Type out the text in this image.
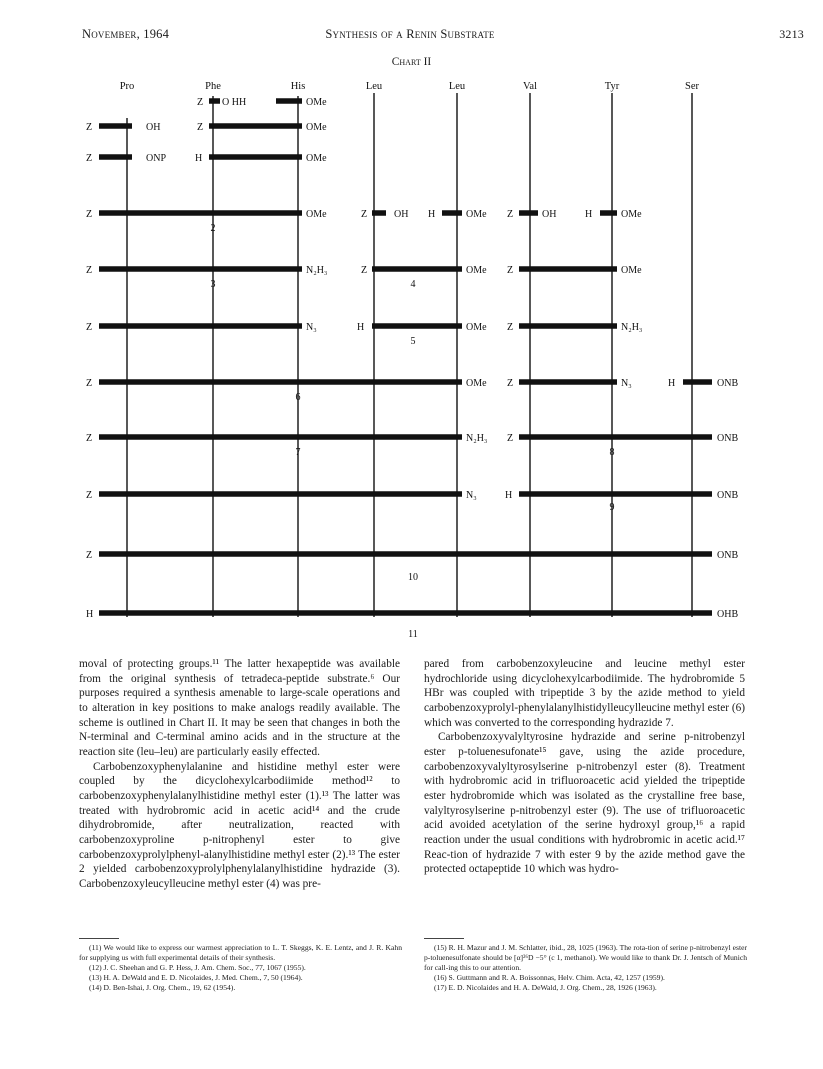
November, 1964	Synthesis of a Renin Substrate	3213
Chart II
Pro	Phe	His	Leu	Leu	Val	Tyr	Ser
Z O HH	OMe
Z	OH	Z	OMe
Z	ONP	H	OMe
Z	OMe
2
Z	OH H	OMe Z	OH	H	OMe
Z	N₂H₃
3
Z	OMe
4
Z	OMe
Z	N₃	H	OMe
5
Z	N₂H₃
Z	OMe
6
Z	N₃	H	ONB
Z	N₂H₃
7
Z	ONB
8
Z	N₃	H	ONB
9
Z	ONB
10
H	OHB
11

moval of protecting groups.¹¹ The latter hexapeptide was available from the original synthesis of tetradeca-peptide substrate.⁶ Our purposes required a synthesis amenable to large-scale operations and to alteration in key positions to make analogs readily available. The scheme is outlined in Chart II. It may be seen that changes in both the N-terminal and C-terminal amino acids and in the structure at the reaction site (leu–leu) are particularly easily effected.

Carbobenzoxyphenylalanine and histidine methyl ester were coupled by the dicyclohexylcarbodiimide method¹² to carbobenzoxyphenylalanylhistidine methyl ester (1).¹³ The latter was treated with hydrobromic acid in acetic acid¹⁴ and the crude dihydrobromide, after neutralization, reacted with carbobenzoxyproline p-nitrophenyl ester to give carbobenzoxyprolylphenyl-alanylhistidine methyl ester (2).¹³ The ester 2 yielded carbobenzoxyprolylphenylalanylhistidine hydrazide (3). Carbobenzoxyleucylleucine methyl ester (4) was pre-

pared from carbobenzoxyleucine and leucine methyl ester hydrochloride using dicyclohexylcarbodiimide. The hydrobromide 5 HBr was coupled with tripeptide 3 by the azide method to yield carbobenzoxyprolyl-phenylalanylhistidylleucylleucine methyl ester (6) which was converted to the corresponding hydrazide 7.

Carbobenzoxyvalyltyrosine hydrazide and serine p-nitrobenzyl ester p-toluenesufonate¹⁵ gave, using the azide procedure, carbobenzoxyvalyltyrosylserine p-nitrobenzyl ester (8). Treatment with hydrobromic acid in trifluoroacetic acid yielded the tripeptide ester hydrobromide which was isolated as the crystalline free base, valyltyrosylserine p-nitrobenzyl ester (9). The use of trifluoroacetic acid avoided acetylation of the serine hydroxyl group,¹⁶ a rapid reaction under the usual conditions with hydrobromic in acetic acid.¹⁷ Reac-tion of hydrazide 7 with ester 9 by the azide method gave the protected octapeptide 10 which was hydro-

(11) We would like to express our warmest appreciation to L. T. Skeggs, K. E. Lentz, and J. R. Kahn for supplying us with full experimental details of their synthesis.
(12) J. C. Sheehan and G. P. Hess, J. Am. Chem. Soc., 77, 1067 (1955).
(13) H. A. DeWald and E. D. Nicolaides, J. Med. Chem., 7, 50 (1964).
(14) D. Ben-Ishai, J. Org. Chem., 19, 62 (1954).
(15) R. H. Mazur and J. M. Schlatter, ibid., 28, 1025 (1963). The rota-tion of serine p-nitrobenzyl ester p-toluenesulfonate should be [α]²⁶D −5° (c 1, methanol). We would like to thank Dr. J. Jentsch of Munich for call-ing this to our attention.
(16) S. Guttmann and R. A. Boissonnas, Helv. Chim. Acta, 42, 1257 (1959).
(17) E. D. Nicolaides and H. A. DeWald, J. Org. Chem., 28, 1926 (1963).
